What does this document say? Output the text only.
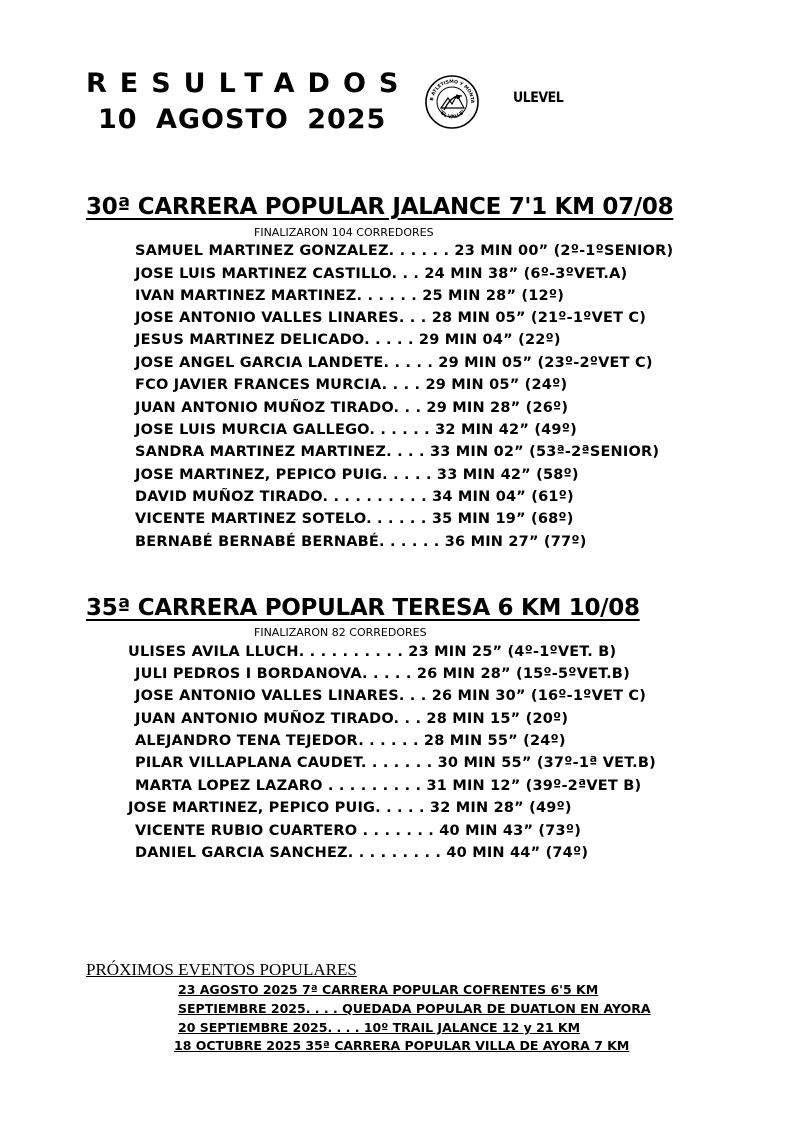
RESULTADOS
10 AGOSTO 2025
B ATLETISMO Y MONTA
"EL VALLE"
ULEVEL
30ª CARRERA POPULAR JALANCE 7'1 KM 07/08
FINALIZARON 104 CORREDORES
SAMUEL MARTINEZ GONZALEZ. . . . . . 23 MIN 00” (2º-1ºSENIOR)
JOSE LUIS MARTINEZ CASTILLO. . . 24 MIN 38” (6º-3ºVET.A)
IVAN MARTINEZ MARTINEZ. . . . . . 25 MIN 28” (12º)
JOSE ANTONIO VALLES LINARES. . . 28 MIN 05” (21º-1ºVET C)
JESUS MARTINEZ DELICADO. . . . . 29 MIN 04” (22º)
JOSE ANGEL GARCIA LANDETE. . . . . 29 MIN 05” (23º-2ºVET C)
FCO JAVIER FRANCES MURCIA. . . . 29 MIN 05” (24º)
JUAN ANTONIO MUÑOZ TIRADO. . . 29 MIN 28” (26º)
JOSE LUIS MURCIA GALLEGO. . . . . . 32 MIN 42” (49º)
SANDRA MARTINEZ MARTINEZ. . . . 33 MIN 02” (53ª-2ªSENIOR)
JOSE MARTINEZ, PEPICO PUIG. . . . . 33 MIN 42” (58º)
DAVID MUÑOZ TIRADO. . . . . . . . . . 34 MIN 04” (61º)
VICENTE MARTINEZ SOTELO. . . . . . 35 MIN 19” (68º)
BERNABÉ BERNABÉ BERNABÉ. . . . . . 36 MIN 27” (77º)
35ª CARRERA POPULAR TERESA 6 KM 10/08
FINALIZARON 82 CORREDORES
ULISES AVILA LLUCH. . . . . . . . . . 23 MIN 25” (4º-1ºVET. B)
JULI PEDROS I BORDANOVA. . . . . 26 MIN 28” (15º-5ºVET.B)
JOSE ANTONIO VALLES LINARES. . . 26 MIN 30” (16º-1ºVET C)
JUAN ANTONIO MUÑOZ TIRADO. . . 28 MIN 15” (20º)
ALEJANDRO TENA TEJEDOR. . . . . . 28 MIN 55” (24º)
PILAR VILLAPLANA CAUDET. . . . . . . 30 MIN 55” (37º-1ª VET.B)
MARTA LOPEZ LAZARO . . . . . . . . . 31 MIN 12” (39º-2ªVET B)
JOSE MARTINEZ, PEPICO PUIG. . . . . 32 MIN 28” (49º)
VICENTE RUBIO CUARTERO . . . . . . . 40 MIN 43” (73º)
DANIEL GARCIA SANCHEZ. . . . . . . . . 40 MIN 44” (74º)
PRÓXIMOS EVENTOS POPULARES
23 AGOSTO 2025 7ª CARRERA POPULAR COFRENTES 6'5 KM
SEPTIEMBRE 2025. . . . QUEDADA POPULAR DE DUATLON EN AYORA
20 SEPTIEMBRE 2025. . . . 10º TRAIL JALANCE 12 y 21 KM
18 OCTUBRE 2025 35ª CARRERA POPULAR VILLA DE AYORA 7 KM
